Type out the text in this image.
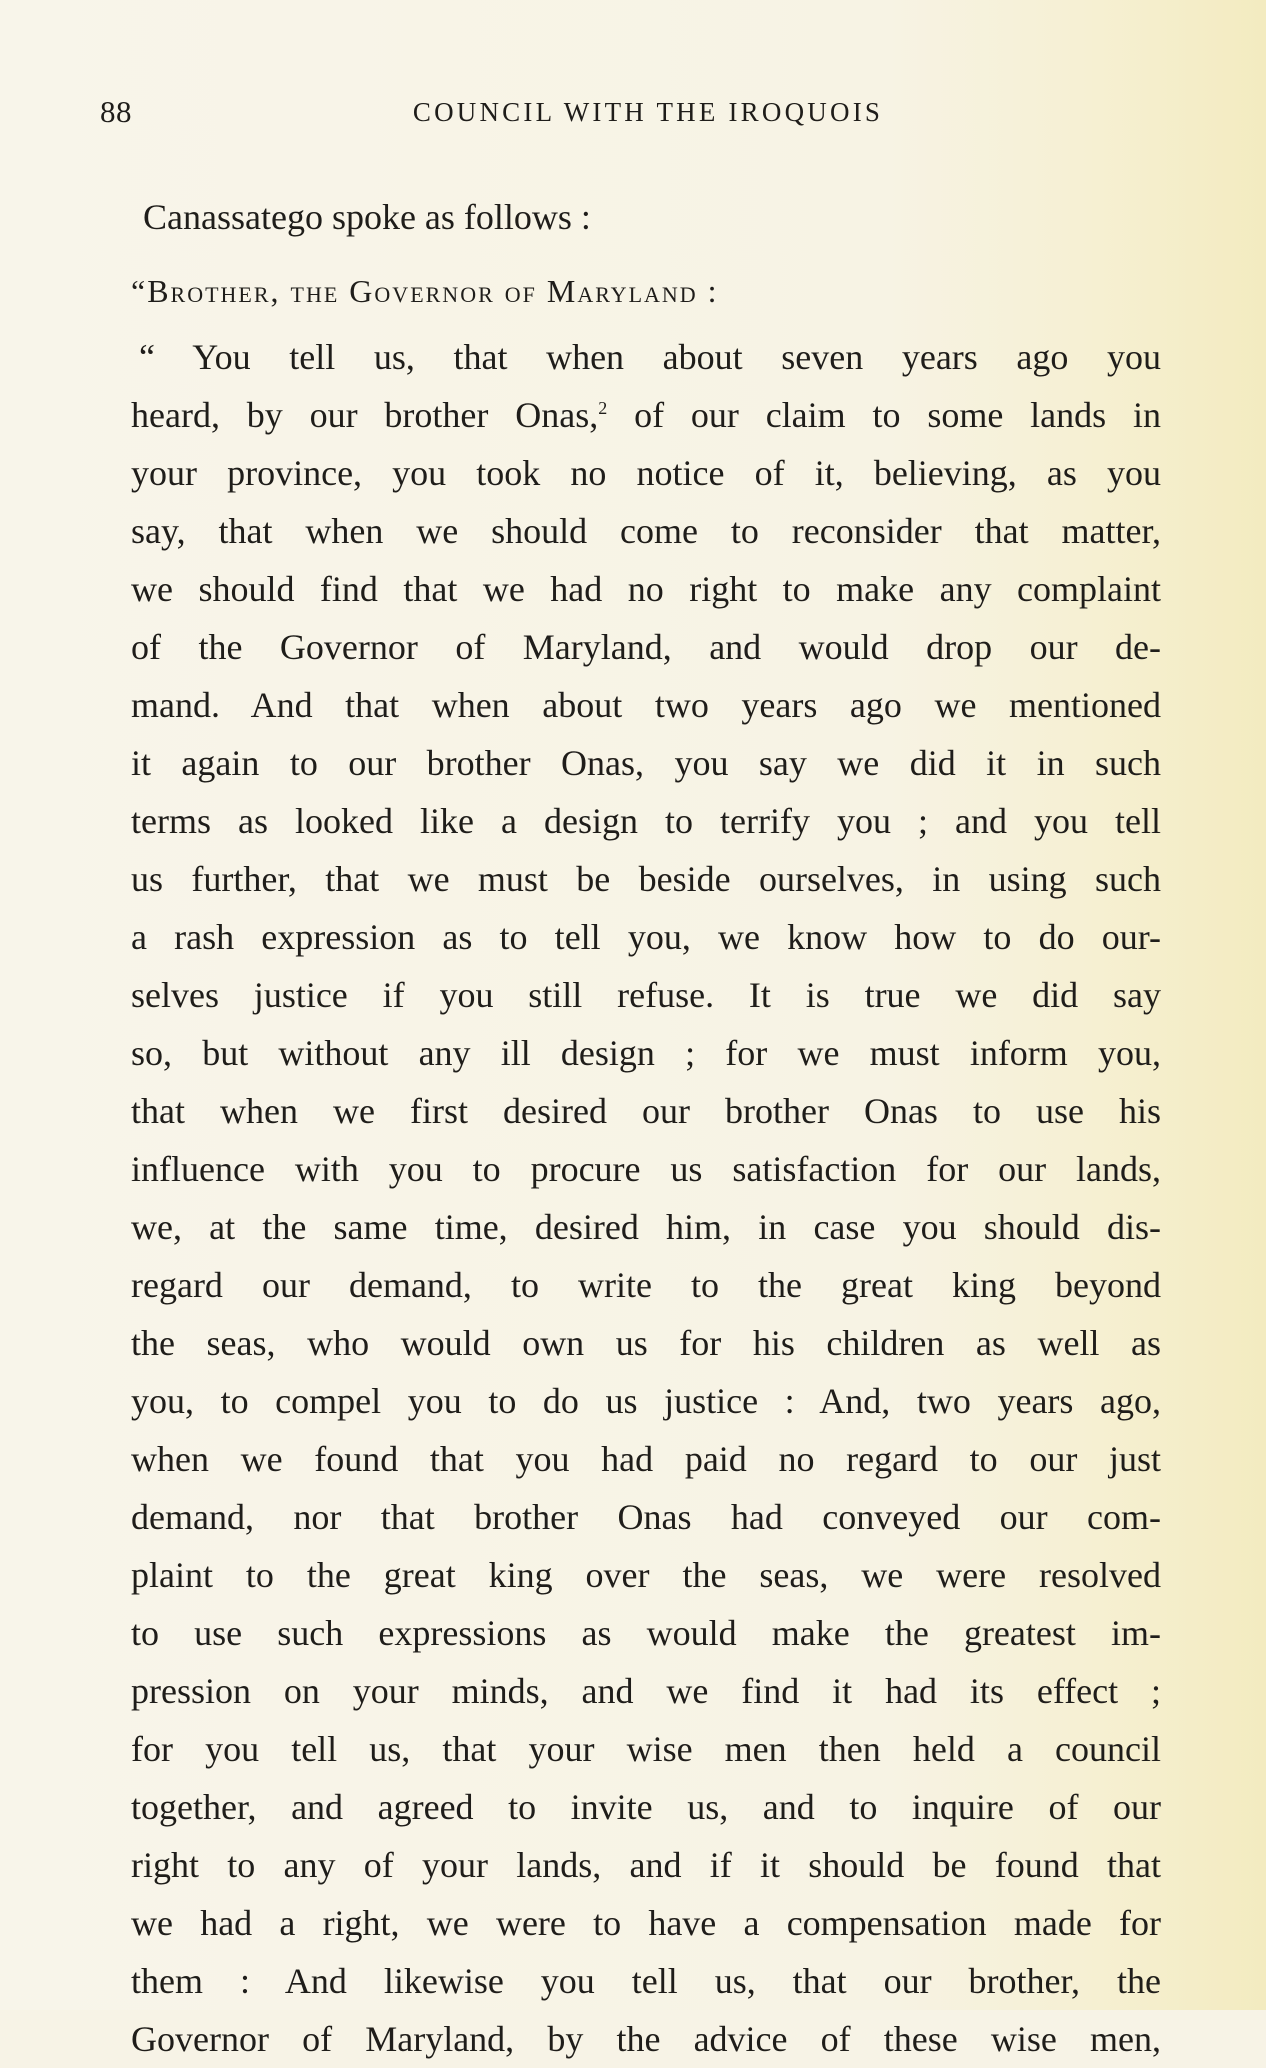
88	COUNCIL WITH THE IROQUOIS
Canassatego spoke as follows :
“Brother, the Governor of Maryland :
“ You tell us, that when about seven years ago you
heard, by our brother Onas,$^2$ of our claim to some lands in
your province, you took no notice of it, believing, as you
say, that when we should come to reconsider that matter,
we should find that we had no right to make any complaint
of the Governor of Maryland, and would drop our de-
mand. And that when about two years ago we mentioned
it again to our brother Onas, you say we did it in such
terms as looked like a design to terrify you ; and you tell
us further, that we must be beside ourselves, in using such
a rash expression as to tell you, we know how to do our-
selves justice if you still refuse. It is true we did say
so, but without any ill design ; for we must inform you,
that when we first desired our brother Onas to use his
influence with you to procure us satisfaction for our lands,
we, at the same time, desired him, in case you should dis-
regard our demand, to write to the great king beyond
the seas, who would own us for his children as well as
you, to compel you to do us justice : And, two years ago,
when we found that you had paid no regard to our just
demand, nor that brother Onas had conveyed our com-
plaint to the great king over the seas, we were resolved
to use such expressions as would make the greatest im-
pression on your minds, and we find it had its effect ;
for you tell us, that your wise men then held a council
together, and agreed to invite us, and to inquire of our
right to any of your lands, and if it should be found that
we had a right, we were to have a compensation made for
them : And likewise you tell us, that our brother, the
Governor of Maryland, by the advice of these wise men,
